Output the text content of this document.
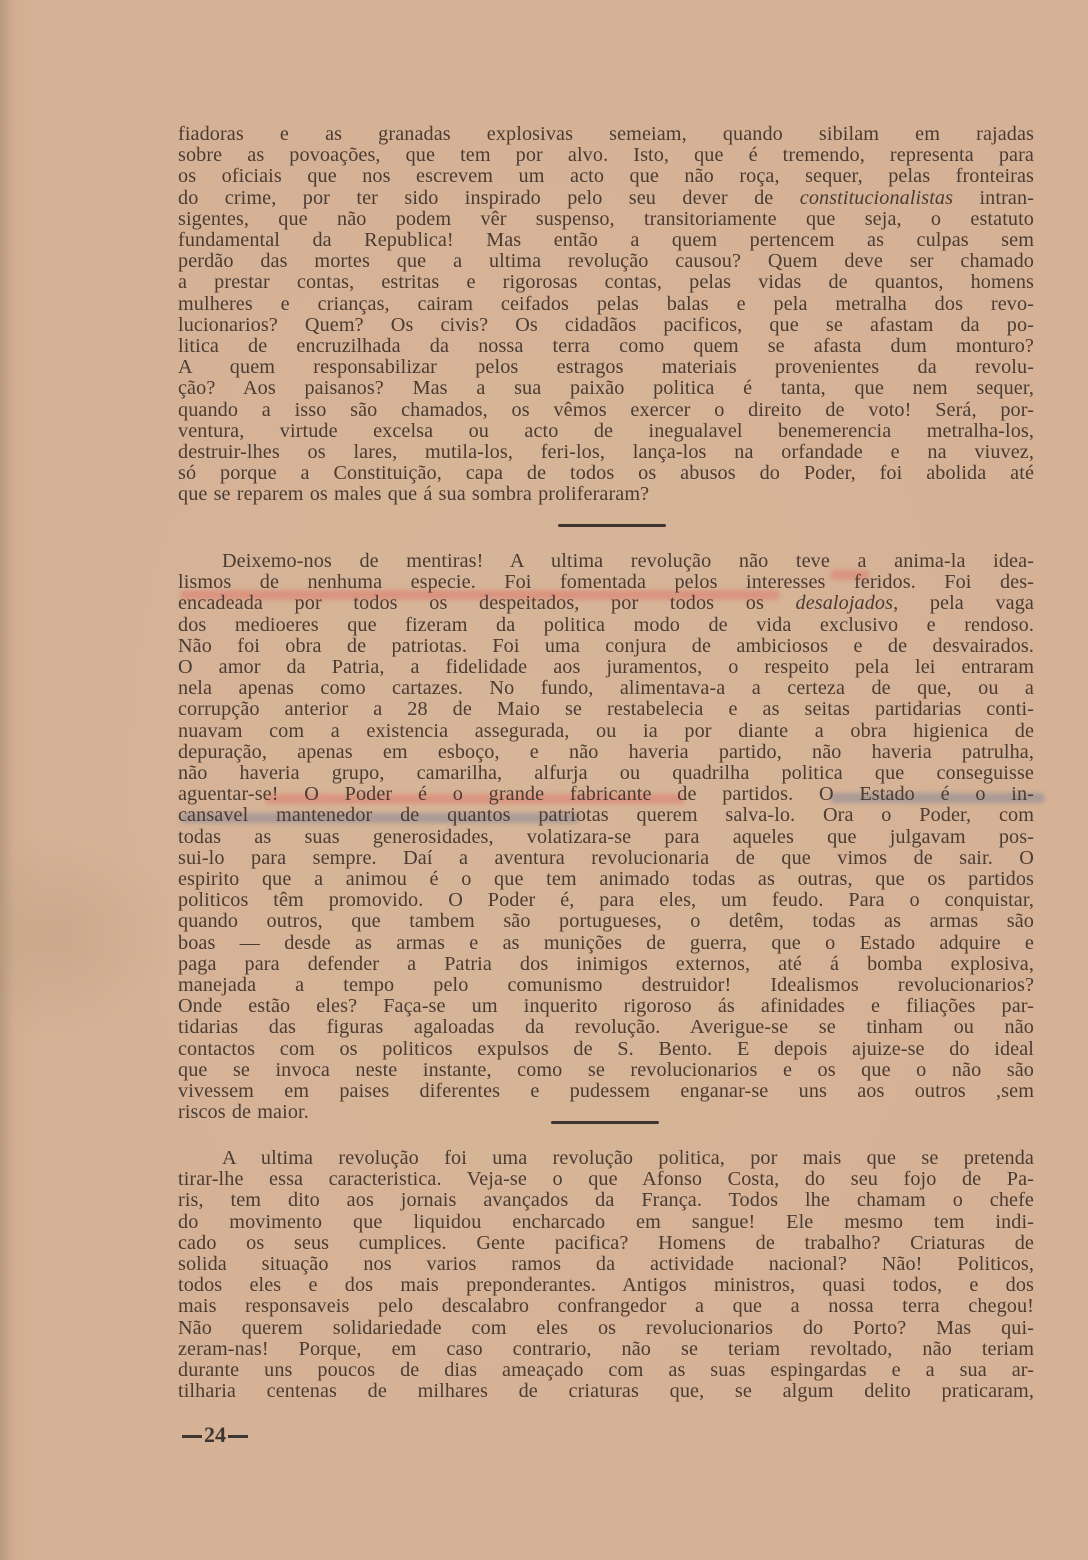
fiadoras e as granadas explosivas semeiam, quando sibilam em rajadas
sobre as povoações, que tem por alvo. Isto, que é tremendo, representa para
os oficiais que nos escrevem um acto que não roça, sequer, pelas fronteiras
do crime, por ter sido inspirado pelo seu dever de constitucionalistas intran-
sigentes, que não podem vêr suspenso, transitoriamente que seja, o estatuto
fundamental da Republica! Mas então a quem pertencem as culpas sem
perdão das mortes que a ultima revolução causou? Quem deve ser chamado
a prestar contas, estritas e rigorosas contas, pelas vidas de quantos, homens
mulheres e crianças, cairam ceifados pelas balas e pela metralha dos revo-
lucionarios? Quem? Os civis? Os cidadãos pacificos, que se afastam da po-
litica de encruzilhada da nossa terra como quem se afasta dum monturo?
A quem responsabilizar pelos estragos materiais provenientes da revolu-
ção? Aos paisanos? Mas a sua paixão politica é tanta, que nem sequer,
quando a isso são chamados, os vêmos exercer o direito de voto! Será, por-
ventura, virtude excelsa ou acto de inegualavel benemerencia metralha-los,
destruir-lhes os lares, mutila-los, feri-los, lança-los na orfandade e na viuvez,
só porque a Constituição, capa de todos os abusos do Poder, foi abolida até
que se reparem os males que á sua sombra proliferaram?

Deixemo-nos de mentiras! A ultima revolução não teve a anima-la idea-
lismos de nenhuma especie. Foi fomentada pelos interesses feridos. Foi des-
encadeada por todos os despeitados, por todos os desalojados, pela vaga
dos medioeres que fizeram da politica modo de vida exclusivo e rendoso.
Não foi obra de patriotas. Foi uma conjura de ambiciosos e de desvairados.
O amor da Patria, a fidelidade aos juramentos, o respeito pela lei entraram
nela apenas como cartazes. No fundo, alimentava-a a certeza de que, ou a
corrupção anterior a 28 de Maio se restabelecia e as seitas partidarias conti-
nuavam com a existencia assegurada, ou ia por diante a obra higienica de
depuração, apenas em esboço, e não haveria partido, não haveria patrulha,
não haveria grupo, camarilha, alfurja ou quadrilha politica que conseguisse
aguentar-se! O Poder é o grande fabricante de partidos. O Estado é o in-
cansavel mantenedor de quantos patriotas querem salva-lo. Ora o Poder, com
todas as suas generosidades, volatizara-se para aqueles que julgavam pos-
sui-lo para sempre. Daí a aventura revolucionaria de que vimos de sair. O
espirito que a animou é o que tem animado todas as outras, que os partidos
politicos têm promovido. O Poder é, para eles, um feudo. Para o conquistar,
quando outros, que tambem são portugueses, o detêm, todas as armas são
boas — desde as armas e as munições de guerra, que o Estado adquire e
paga para defender a Patria dos inimigos externos, até á bomba explosiva,
manejada a tempo pelo comunismo destruidor! Idealismos revolucionarios?
Onde estão eles? Faça-se um inquerito rigoroso ás afinidades e filiações par-
tidarias das figuras agaloadas da revolução. Averigue-se se tinham ou não
contactos com os politicos expulsos de S. Bento. E depois ajuize-se do ideal
que se invoca neste instante, como se revolucionarios e os que o não são
vivessem em paises diferentes e pudessem enganar-se uns aos outros ,sem
riscos de maior.

A ultima revolução foi uma revolução politica, por mais que se pretenda
tirar-lhe essa caracteristica. Veja-se o que Afonso Costa, do seu fojo de Pa-
ris, tem dito aos jornais avançados da França. Todos lhe chamam o chefe
do movimento que liquidou encharcado em sangue! Ele mesmo tem indi-
cado os seus cumplices. Gente pacifica? Homens de trabalho? Criaturas de
solida situação nos varios ramos da actividade nacional? Não! Politicos,
todos eles e dos mais preponderantes. Antigos ministros, quasi todos, e dos
mais responsaveis pelo descalabro confrangedor a que a nossa terra chegou!
Não querem solidariedade com eles os revolucionarios do Porto? Mas qui-
zeram-nas! Porque, em caso contrario, não se teriam revoltado, não teriam
durante uns poucos de dias ameaçado com as suas espingardas e a sua ar-
tilharia centenas de milhares de criaturas que, se algum delito praticaram,

24
